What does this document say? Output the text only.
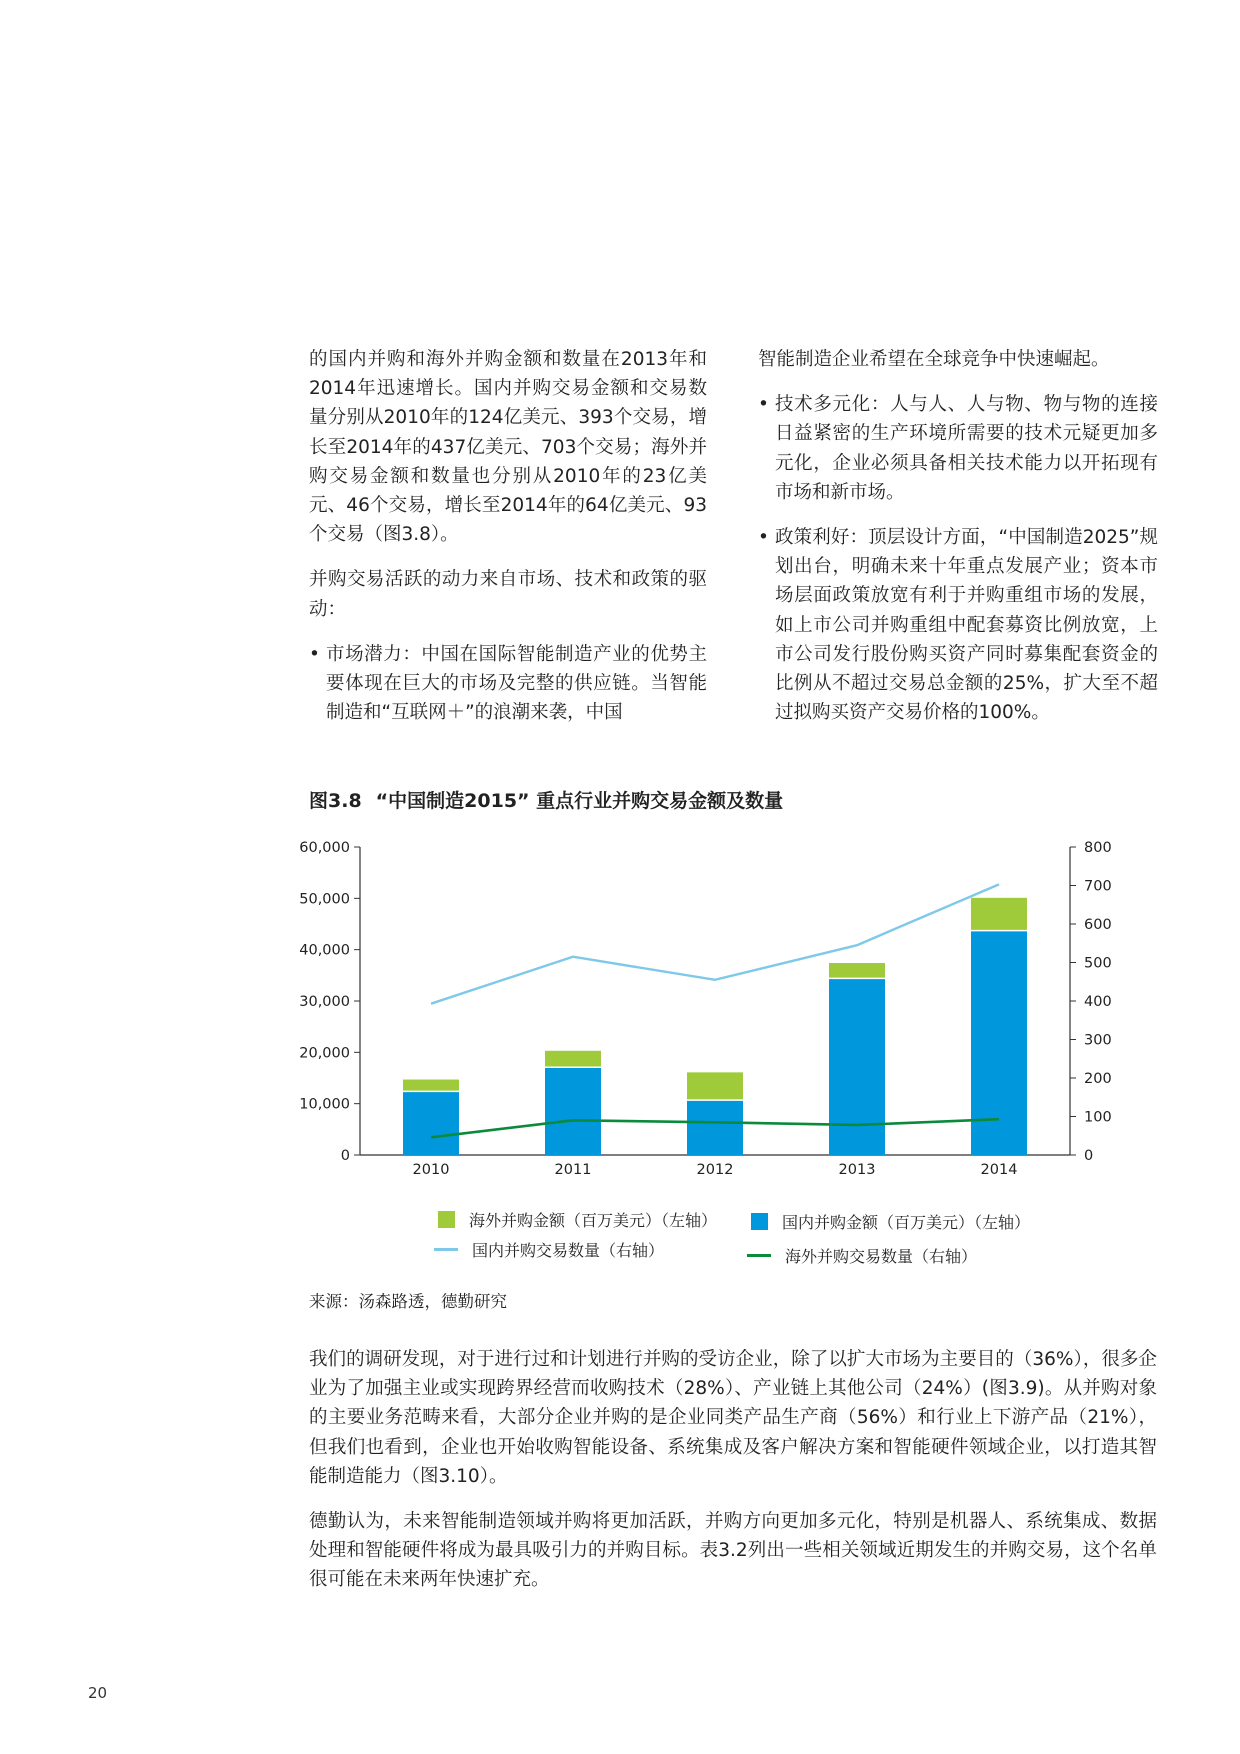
的国内并购和海外并购金额和数量在2013年和2014年迅速增长。国内并购交易金额和交易数量分别从2010年的124亿美元、393个交易，增长至2014年的437亿美元、703个交易；海外并购交易金额和数量也分别从2010年的23亿美元、46个交易，增长至2014年的64亿美元、93个交易（图3.8）。

并购交易活跃的动力来自市场、技术和政策的驱动：

• 市场潜力：中国在国际智能制造产业的优势主要体现在巨大的市场及完整的供应链。当智能制造和“互联网＋”的浪潮来袭，中国

智能制造企业希望在全球竞争中快速崛起。

• 技术多元化：人与人、人与物、物与物的连接日益紧密的生产环境所需要的技术元疑更加多元化，企业必须具备相关技术能力以开拓现有市场和新市场。
• 政策利好：顶层设计方面，“中国制造2025”规划出台，明确未来十年重点发展产业；资本市场层面政策放宽有利于并购重组市场的发展，如上市公司并购重组中配套募资比例放宽，上市公司发行股份购买资产同时募集配套资金的比例从不超过交易总金额的25%，扩大至不超过拟购买资产交易价格的100%。
图3.8 “中国制造2015” 重点行业并购交易金额及数量
0
10,000
20,000
30,000
40,000
50,000
60,000
0
100
200
300
400
500
600
700
800
2010	2011	2012	2013	2014
海外并购金额（百万美元）（左轴）	国内并购金额（百万美元）（左轴）
国内并购交易数量（右轴）	海外并购交易数量（右轴）
来源：汤森路透，德勤研究

我们的调研发现，对于进行过和计划进行并购的受访企业，除了以扩大市场为主要目的（36%），很多企业为了加强主业或实现跨界经营而收购技术（28%）、产业链上其他公司（24%）(图3.9)。从并购对象的主要业务范畴来看，大部分企业并购的是企业同类产品生产商（56%）和行业上下游产品（21%），但我们也看到，企业也开始收购智能设备、系统集成及客户解决方案和智能硬件领域企业，以打造其智能制造能力（图3.10）。

德勤认为，未来智能制造领域并购将更加活跃，并购方向更加多元化，特别是机器人、系统集成、数据处理和智能硬件将成为最具吸引力的并购目标。表3.2列出一些相关领域近期发生的并购交易，这个名单很可能在未来两年快速扩充。

20
